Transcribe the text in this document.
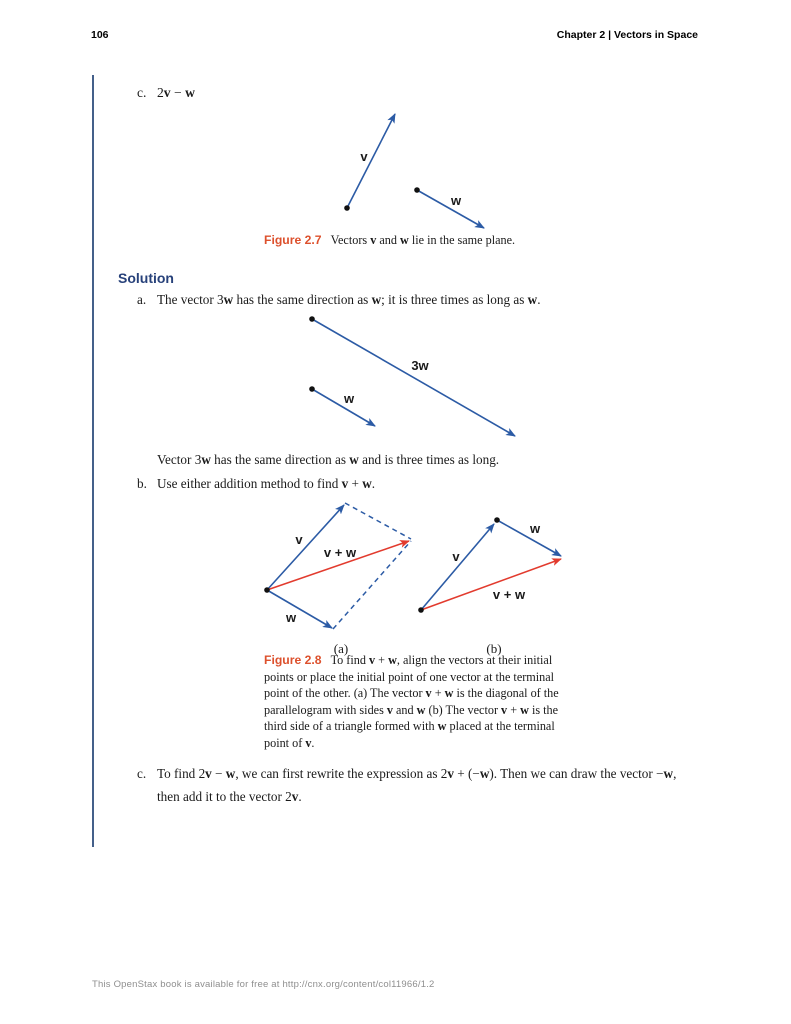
106	Chapter 2 | Vectors in Space
c. 2v − w
v
w
Figure 2.7 Vectors v and w lie in the same plane.
Solution
a. The vector 3w has the same direction as w; it is three times as long as w.
3w
w
Vector 3w has the same direction as w and is three times as long.
b. Use either addition method to find v + w.
v
w
v + w
(a)
v
w
v + w
(b)
Figure 2.8 To find v + w, align the vectors at their initial
points or place the initial point of one vector at the terminal
point of the other. (a) The vector v + w is the diagonal of the
parallelogram with sides v and w (b) The vector v + w is the
third side of a triangle formed with w placed at the terminal
point of v.
c. To find 2v − w, we can first rewrite the expression as 2v + (−w). Then we can draw the vector −w,
then add it to the vector 2v.
This OpenStax book is available for free at http://cnx.org/content/col11966/1.2
